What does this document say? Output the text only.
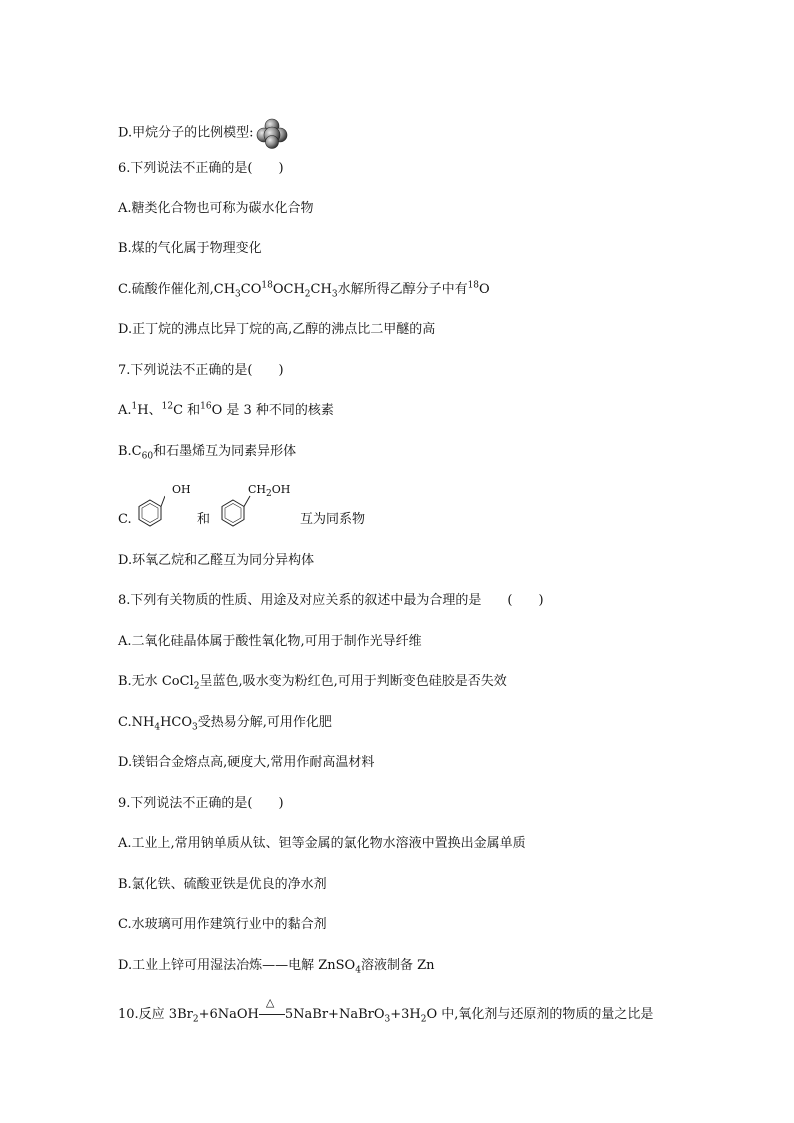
D.甲烷分子的比例模型:
6.下列说法不正确的是(　　)
A.糖类化合物也可称为碳水化合物
B.煤的气化属于物理变化
C.硫酸作催化剂$,CH_3CO^{18}OCH_2CH_3$水解所得乙醇分子中有$^{18}$O
D.正丁烷的沸点比异丁烷的高,乙醇的沸点比二甲醚的高
7.下列说法不正确的是(　　)
A.$^1$H、$^{12}$C 和$^{16}$O 是 3 种不同的核素
$B.C_{60}$和石墨烯互为同素异形体
C.
OH
和
$CH_2OH$
互为同系物
D.环氧乙烷和乙醛互为同分异构体
8.下列有关物质的性质、用途及对应关系的叙述中最为合理的是　　(　　)
A.二氧化硅晶体属于酸性氧化物,可用于制作光导纤维
B.无水 CoCl$_2$呈蓝色,吸水变为粉红色,可用于判断变色硅胶是否失效
$C.NH_4HCO_3$受热易分解,可用作化肥
D.镁铝合金熔点高,硬度大,常用作耐高温材料
9.下列说法不正确的是(　　)
A.工业上,常用钠单质从钛、钽等金属的氯化物水溶液中置换出金属单质
B.氯化铁、硫酸亚铁是优良的净水剂
C.水玻璃可用作建筑行业中的黏合剂
D.工业上锌可用湿法冶炼——电解 ZnSO$_4$溶液制备 Zn
10.反应 $3Br_2+6NaOH$
△
$5NaBr+NaBrO_3+3H_2O$ 中,氧化剂与还原剂的物质的量之比是
